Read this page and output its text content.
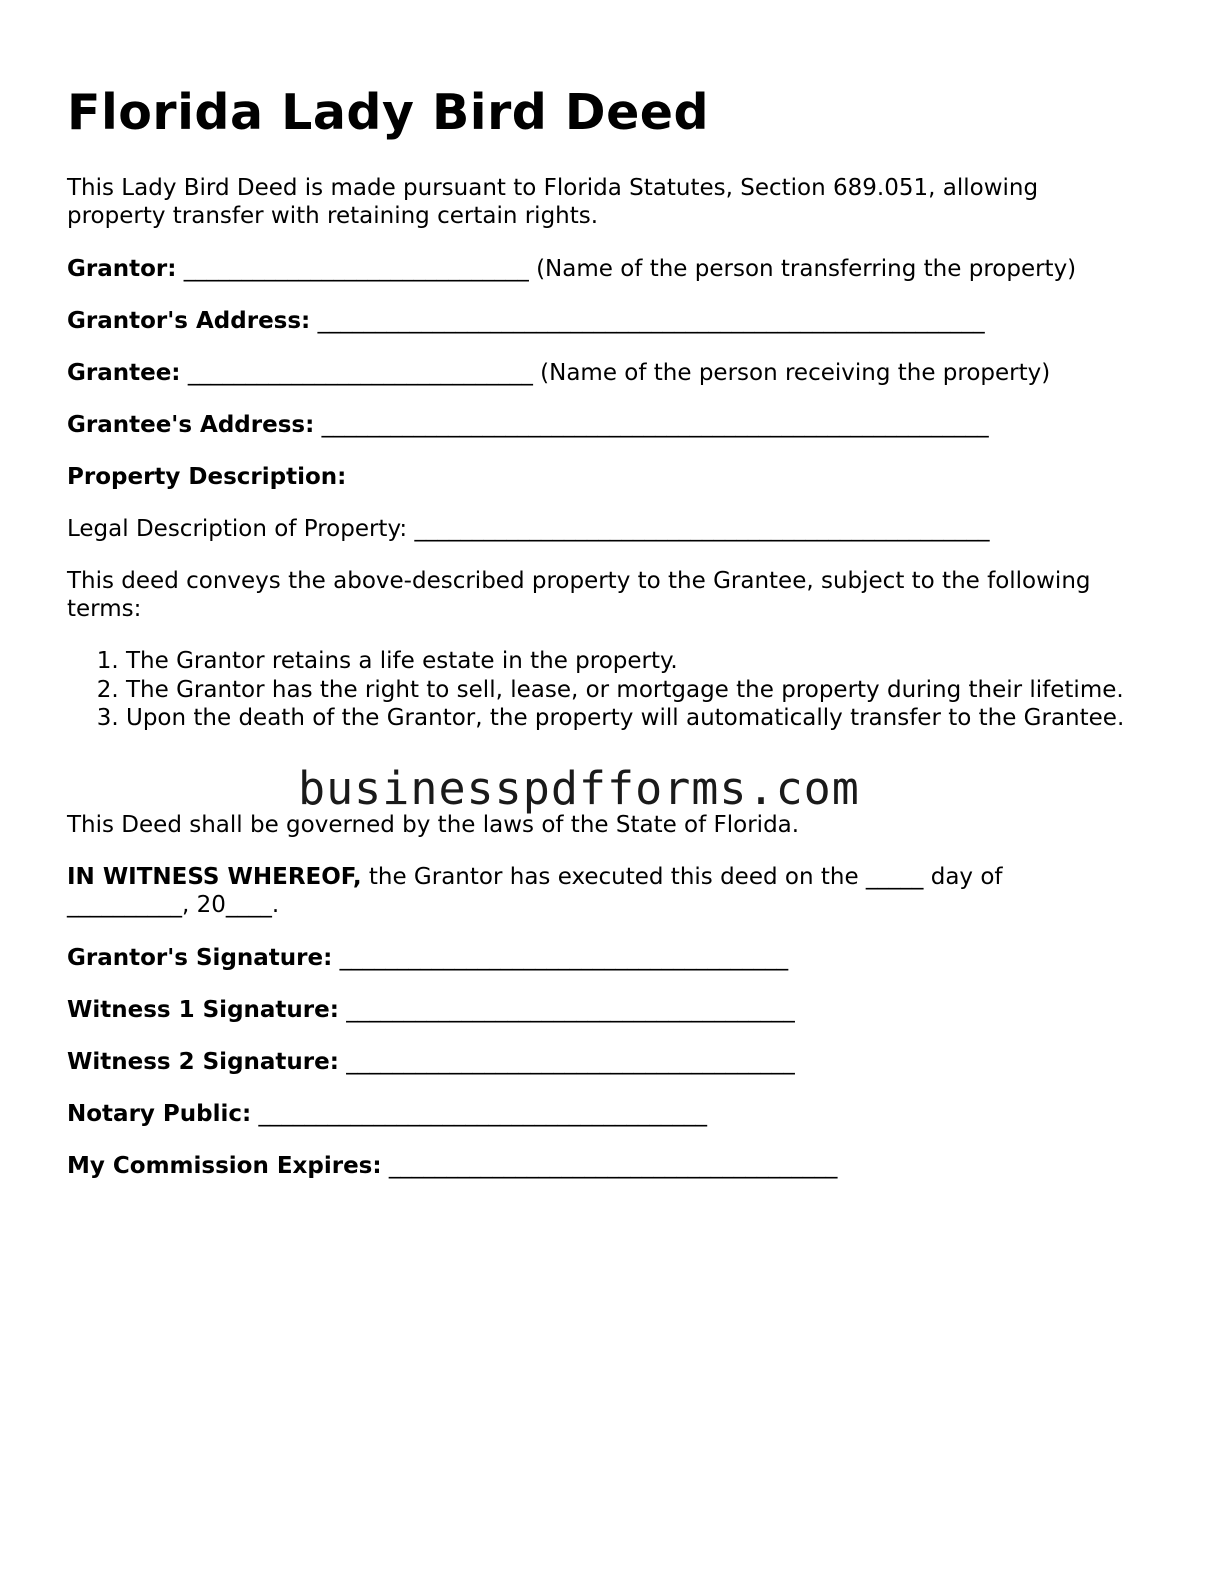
Florida Lady Bird Deed

This Lady Bird Deed is made pursuant to Florida Statutes, Section 689.051, allowing property transfer with retaining certain rights.

Grantor: ______________________________ (Name of the person transferring the property)

Grantor's Address: __________________________________________________________

Grantee: ______________________________ (Name of the person receiving the property)

Grantee's Address: __________________________________________________________

Property Description:

Legal Description of Property: __________________________________________________

This deed conveys the above-described property to the Grantee, subject to the following terms:

1. The Grantor retains a life estate in the property.
2. The Grantor has the right to sell, lease, or mortgage the property during their lifetime.
3. Upon the death of the Grantor, the property will automatically transfer to the Grantee.

This Deed shall be governed by the laws of the State of Florida.

IN WITNESS WHEREOF, the Grantor has executed this deed on the _____ day of __________, 20____.

Grantor's Signature: _______________________________________

Witness 1 Signature: _______________________________________

Witness 2 Signature: _______________________________________

Notary Public: _______________________________________

My Commission Expires: _______________________________________

businesspdfforms.com
